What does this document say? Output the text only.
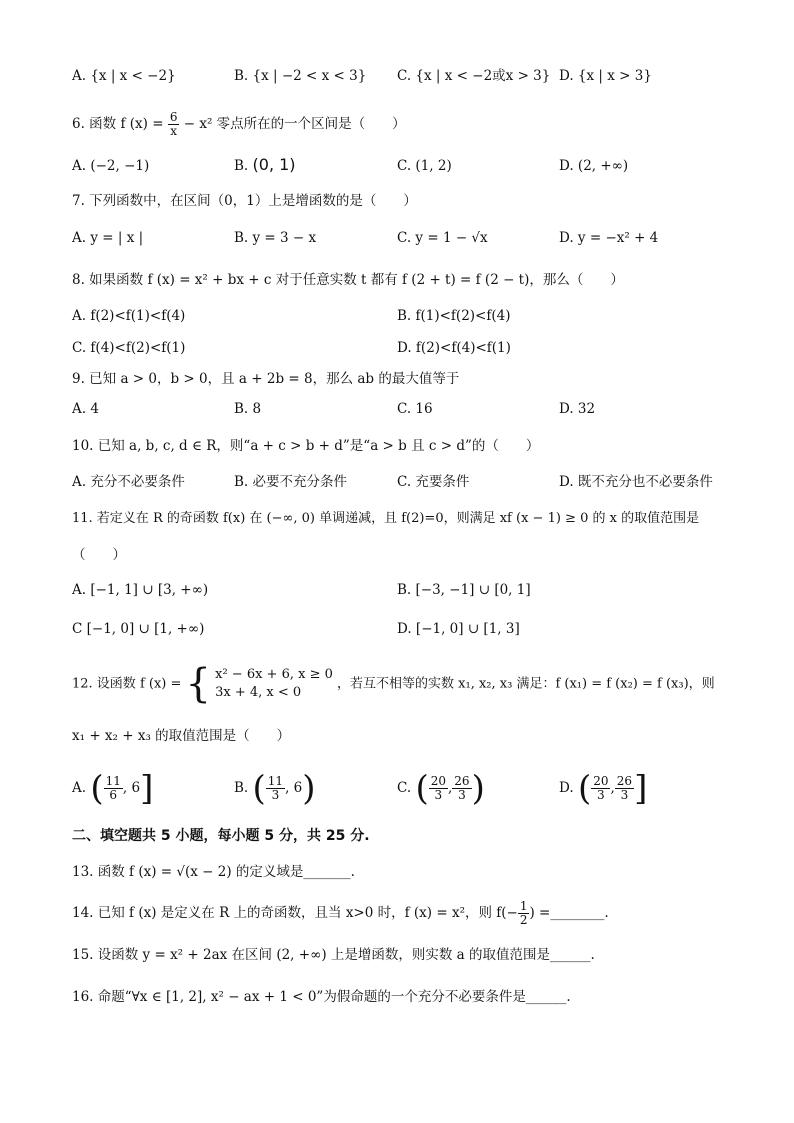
A. {x | x < −2}	B. {x | −2 < x < 3} C. {x | x < −2或x > 3} D. {x | x > 3}
6. 函数 f $(x) = \frac{6}{x} - x^2$ 零点所在的一个区间是（　　）
A. (−2, −1)	B. (0, 1)	C. (1, 2)	D. (2, +∞)
7. 下列函数中，在区间（0，1）上是增函数的是（　　）
A. y = | x |	B. y = 3 − x	C. y = 1 − √x	D. y = −x² + 4
8. 如果函数 f (x) = x² + bx + c 对于任意实数 t 都有 f (2 + t) = f (2 − t)，那么（　　）
A. f(2)<f(1)<f(4)	B. f(1)<f(2)<f(4)
C. f(4)<f(2)<f(1)	D. f(2)<f(4)<f(1)
9. 已知 a > 0，b > 0，且 a + 2b = 8，那么 ab 的最大值等于
A. 4	B. 8	C. 16	D. 32
10. 已知 a, b, c, d ∈ R，则“a + c > b + d”是“a > b 且 c > d”的（　　）
A. 充分不必要条件	B. 必要不充分条件	C. 充要条件	D. 既不充分也不必要条件
11. 若定义在 R 的奇函数 f(x) 在 (−∞, 0) 单调递减，且 f(2)=0，则满足 xf (x − 1) ≥ 0 的 x 的取值范围是
（　　）
A. [−1, 1] ∪ [3, +∞)	B. [−3, −1] ∪ [0, 1]
C [−1, 0] ∪ [1, +∞)	D. [−1, 0] ∪ [1, 3]
12. 设函数 f (x) = { x² − 6x + 6, x ≥ 0
3x + 4, x < 0
，若互不相等的实数 x₁, x₂, x₃ 满足：f (x₁) = f (x₂) = f (x₃)，则
x₁ + x₂ + x₃ 的取值范围是（　　）
A. ( $\frac{11}{6}$ , 6]	B. ( $\frac{11}{3}$ , 6)	C. ( $\frac{20}{3}$ , $\frac{26}{3}$ )	D. ( $\frac{20}{3}$ , $\frac{26}{3}$ ]
二、填空题共 5 小题，每小题 5 分，共 25 分.
13. 函数 f (x) = √(x − 2) 的定义域是_______.
14. 已知 f (x) 是定义在 R 上的奇函数，且当 x>0 时，f (x) = x²，则 $f(- \frac{1}{2}$ ) =________.
15. 设函数 y = x² + 2ax 在区间 (2, +∞) 上是增函数，则实数 a 的取值范围是______.
16. 命题“∀x ∈ [1, 2], x² − ax + 1 < 0”为假命题的一个充分不必要条件是______.
